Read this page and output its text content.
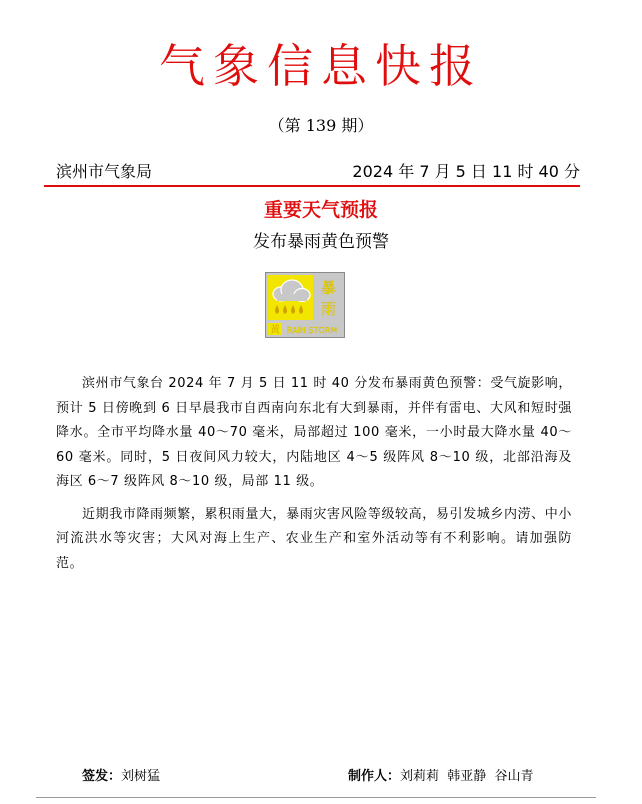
气象信息快报
（第 139 期）
滨州市气象局	2024 年 7 月 5 日 11 时 40 分
重要天气预报
发布暴雨黄色预警
暴
雨
黄 RAIN STORM

滨州市气象台 2024 年 7 月 5 日 11 时 40 分发布暴雨黄色预警：受气旋影响，预计 5 日傍晚到 6 日早晨我市自西南向东北有大到暴雨，并伴有雷电、大风和短时强降水。全市平均降水量 40～70 毫米，局部超过 100 毫米，一小时最大降水量 40～60 毫米。同时，5 日夜间风力较大，内陆地区 4～5 级阵风 8～10 级，北部沿海及海区 6～7 级阵风 8～10 级，局部 11 级。

近期我市降雨频繁，累积雨量大，暴雨灾害风险等级较高，易引发城乡内涝、中小河流洪水等灾害；大风对海上生产、农业生产和室外活动等有不利影响。请加强防范。

签发：刘树猛	制作人：刘莉莉  韩亚静  谷山青
